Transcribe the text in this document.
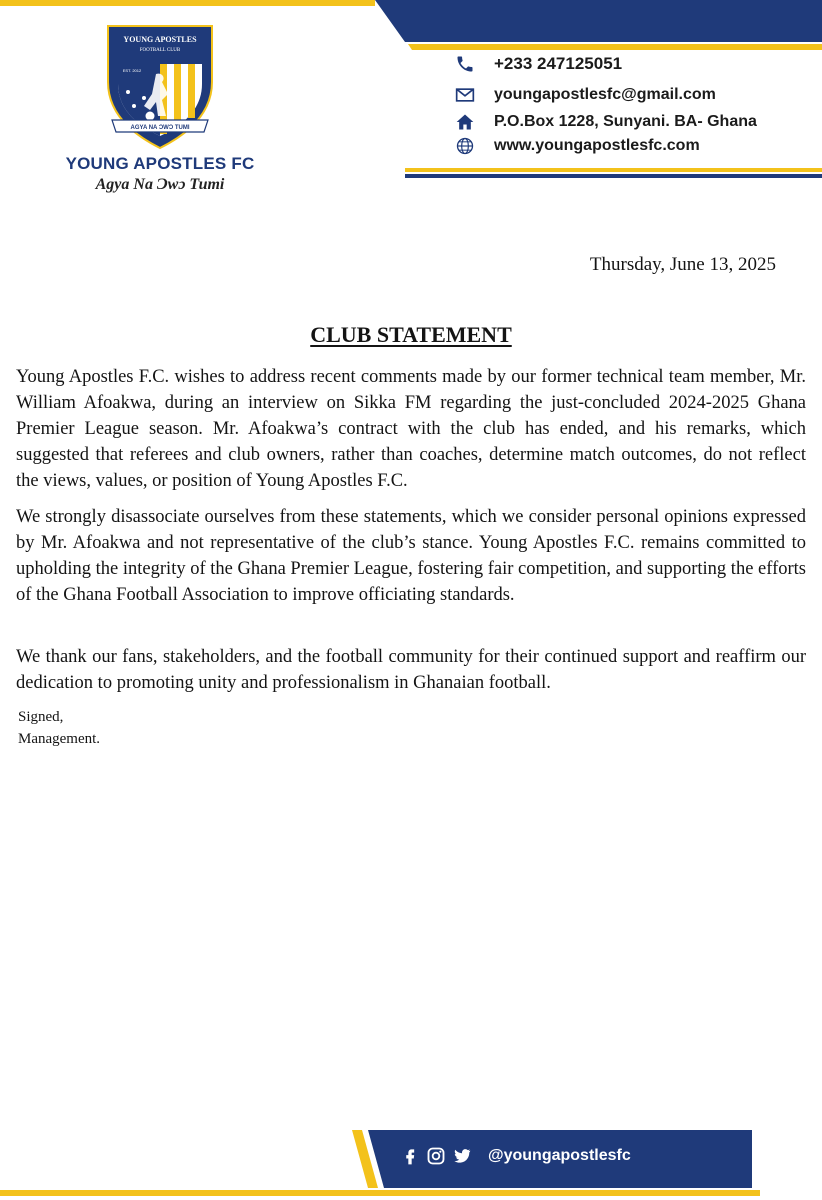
AGYA NA ƆWƆ TUMI
YOUNG APOSTLES
FOOTBALL CLUB
EST. 2012
YOUNG APOSTLES FC
Agya Na Ɔwɔ Tumi
+233 247125051
youngapostlesfc@gmail.com
P.O.Box 1228, Sunyani. BA- Ghana
www.youngapostlesfc.com
Thursday, June 13, 2025
CLUB STATEMENT
Young Apostles F.C. wishes to address recent comments made by our former technical team member, Mr. William Afoakwa, during an interview on Sikka FM regarding the just-concluded 2024-2025 Ghana Premier League season. Mr. Afoakwa’s contract with the club has ended, and his remarks, which suggested that referees and club owners, rather than coaches, determine match outcomes, do not reflect the views, values, or position of Young Apostles F.C.
We strongly disassociate ourselves from these statements, which we consider personal opinions expressed by Mr. Afoakwa and not representative of the club’s stance. Young Apostles F.C. remains committed to upholding the integrity of the Ghana Premier League, fostering fair competition, and supporting the efforts of the Ghana Football Association to improve officiating standards.
We thank our fans, stakeholders, and the football community for their continued support and reaffirm our dedication to promoting unity and professionalism in Ghanaian football.
Signed,
Management.
@youngapostlesfc
